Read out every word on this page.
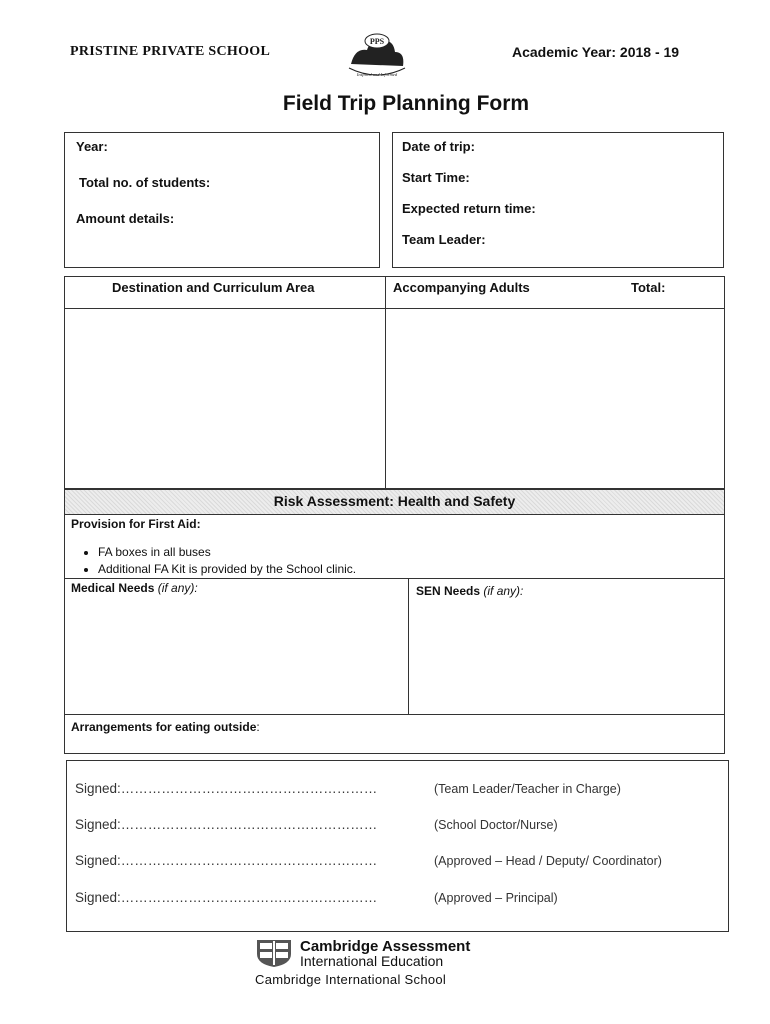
PRISTINE PRIVATE SCHOOL
PPS
Inspired and Informed
Academic Year: 2018 - 19
Field Trip Planning Form
Year:
Total no. of students:
Amount details:
Date of trip:
Start Time:
Expected return time:
Team Leader:
Destination and Curriculum Area	Accompanying Adults	Total:
Risk Assessment: Health and Safety
Provision for First Aid:
• FA boxes in all buses
• Additional FA Kit is provided by the School clinic.
Medical Needs (if any):	SEN Needs (if any):
Arrangements for eating outside:
Signed:…………………………………………………	(Team Leader/Teacher in Charge)
Signed:…………………………………………………	(School Doctor/Nurse)
Signed:…………………………………………………	(Approved – Head / Deputy/ Coordinator)
Signed:…………………………………………………	(Approved – Principal)
Cambridge Assessment
International Education
Cambridge International School
